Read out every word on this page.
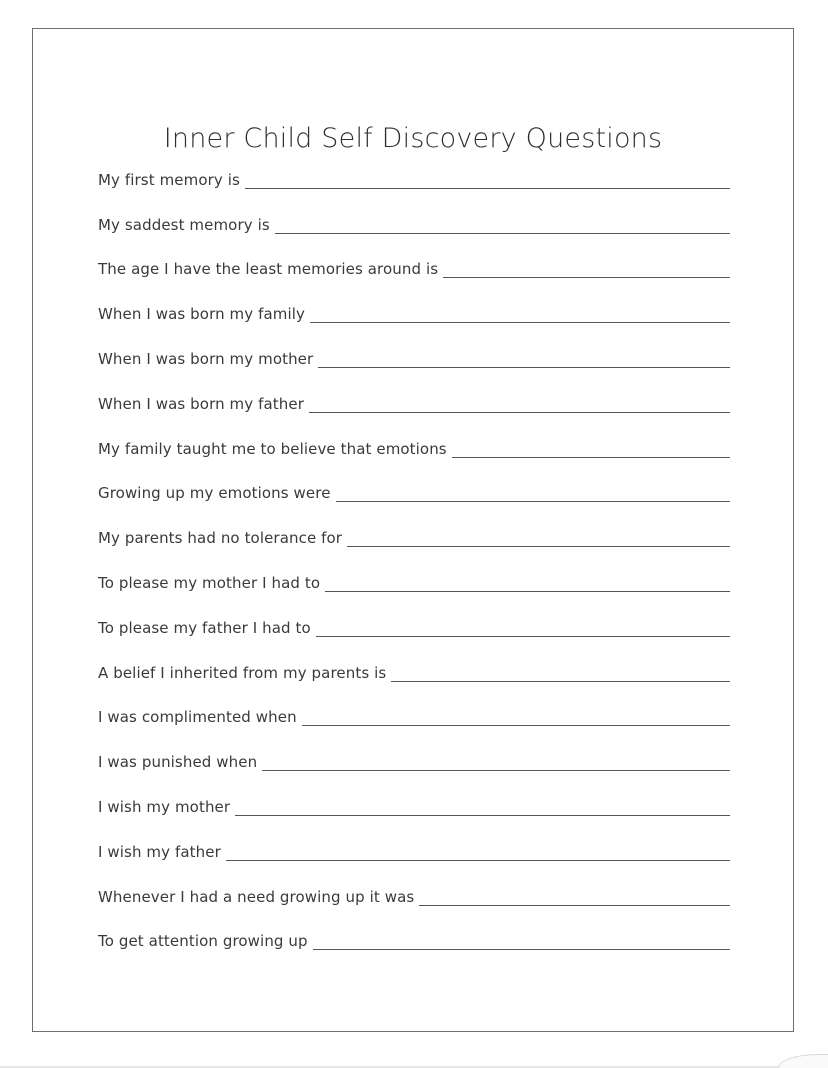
Inner Child Self Discovery Questions
My first memory is
My saddest memory is
The age I have the least memories around is
When I was born my family
When I was born my mother
When I was born my father
My family taught me to believe that emotions
Growing up my emotions were
My parents had no tolerance for
To please my mother I had to
To please my father I had to
A belief I inherited from my parents is
I was complimented when
I was punished when
I wish my mother
I wish my father
Whenever I had a need growing up it was
To get attention growing up
